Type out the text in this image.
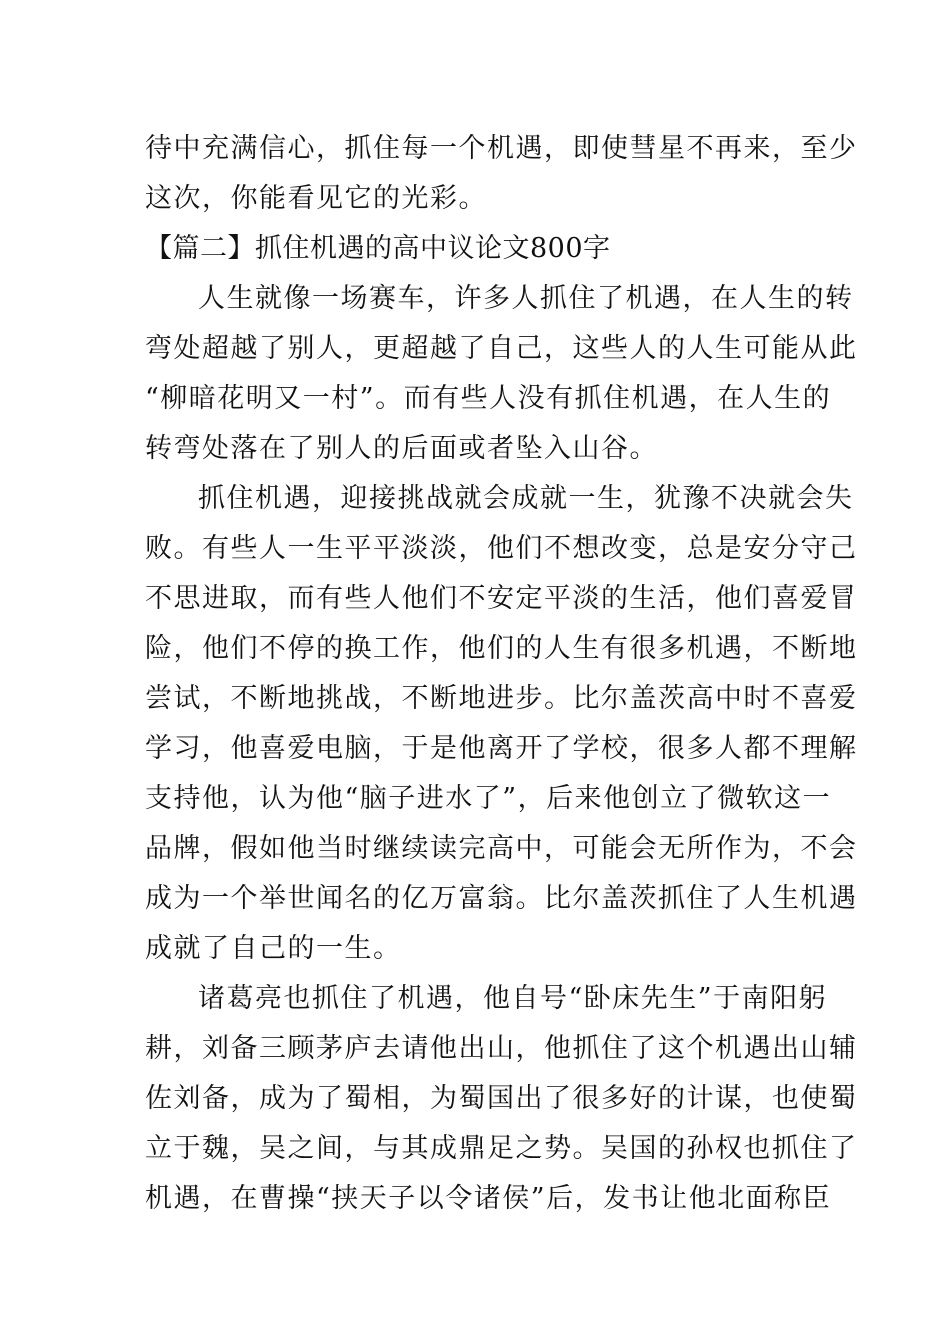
待中充满信心，抓住每一个机遇，即使彗星不再来，至少
这次，你能看见它的光彩。
【篇二】抓住机遇的高中议论文800字
人生就像一场赛车，许多人抓住了机遇，在人生的转
弯处超越了别人，更超越了自己，这些人的人生可能从此
“柳暗花明又一村”。而有些人没有抓住机遇，在人生的
转弯处落在了别人的后面或者坠入山谷。
抓住机遇，迎接挑战就会成就一生，犹豫不决就会失
败。有些人一生平平淡淡，他们不想改变，总是安分守己
不思进取，而有些人他们不安定平淡的生活，他们喜爱冒
险，他们不停的换工作，他们的人生有很多机遇，不断地
尝试，不断地挑战，不断地进步。比尔盖茨高中时不喜爱
学习，他喜爱电脑，于是他离开了学校，很多人都不理解
支持他，认为他“脑子进水了”，后来他创立了微软这一
品牌，假如他当时继续读完高中，可能会无所作为，不会
成为一个举世闻名的亿万富翁。比尔盖茨抓住了人生机遇
成就了自己的一生。
诸葛亮也抓住了机遇，他自号“卧床先生”于南阳躬
耕，刘备三顾茅庐去请他出山，他抓住了这个机遇出山辅
佐刘备，成为了蜀相，为蜀国出了很多好的计谋，也使蜀
立于魏，吴之间，与其成鼎足之势。吴国的孙权也抓住了
机遇，在曹操“挟天子以令诸侯”后，发书让他北面称臣
